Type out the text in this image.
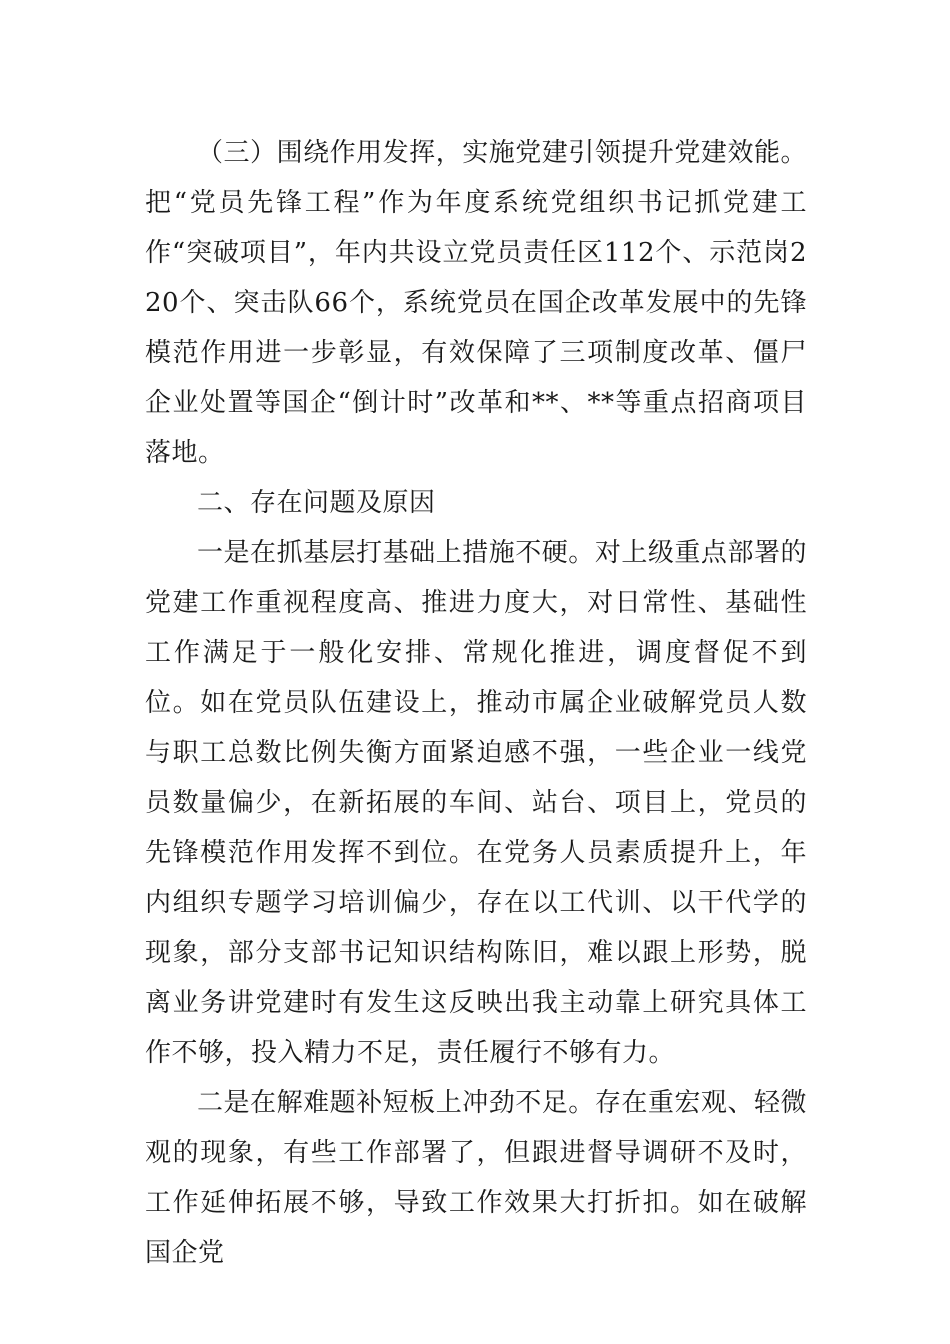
（三）围绕作用发挥，实施党建引领提升党建效能。把“党员先锋工程”作为年度系统党组织书记抓党建工作“突破项目”，年内共设立党员责任区112个、示范岗220个、突击队66个，系统党员在国企改革发展中的先锋模范作用进一步彰显，有效保障了三项制度改革、僵尸企业处置等国企“倒计时”改革和**、**等重点招商项目落地。

二、存在问题及原因

一是在抓基层打基础上措施不硬。对上级重点部署的党建工作重视程度高、推进力度大，对日常性、基础性工作满足于一般化安排、常规化推进，调度督促不到位。如在党员队伍建设上，推动市属企业破解党员人数与职工总数比例失衡方面紧迫感不强，一些企业一线党员数量偏少，在新拓展的车间、站台、项目上，党员的先锋模范作用发挥不到位。在党务人员素质提升上，年内组织专题学习培训偏少，存在以工代训、以干代学的现象，部分支部书记知识结构陈旧，难以跟上形势，脱离业务讲党建时有发生这反映出我主动靠上研究具体工作不够，投入精力不足，责任履行不够有力。

二是在解难题补短板上冲劲不足。存在重宏观、轻微观的现象，有些工作部署了，但跟进督导调研不及时，工作延伸拓展不够，导致工作效果大打折扣。如在破解国企党
